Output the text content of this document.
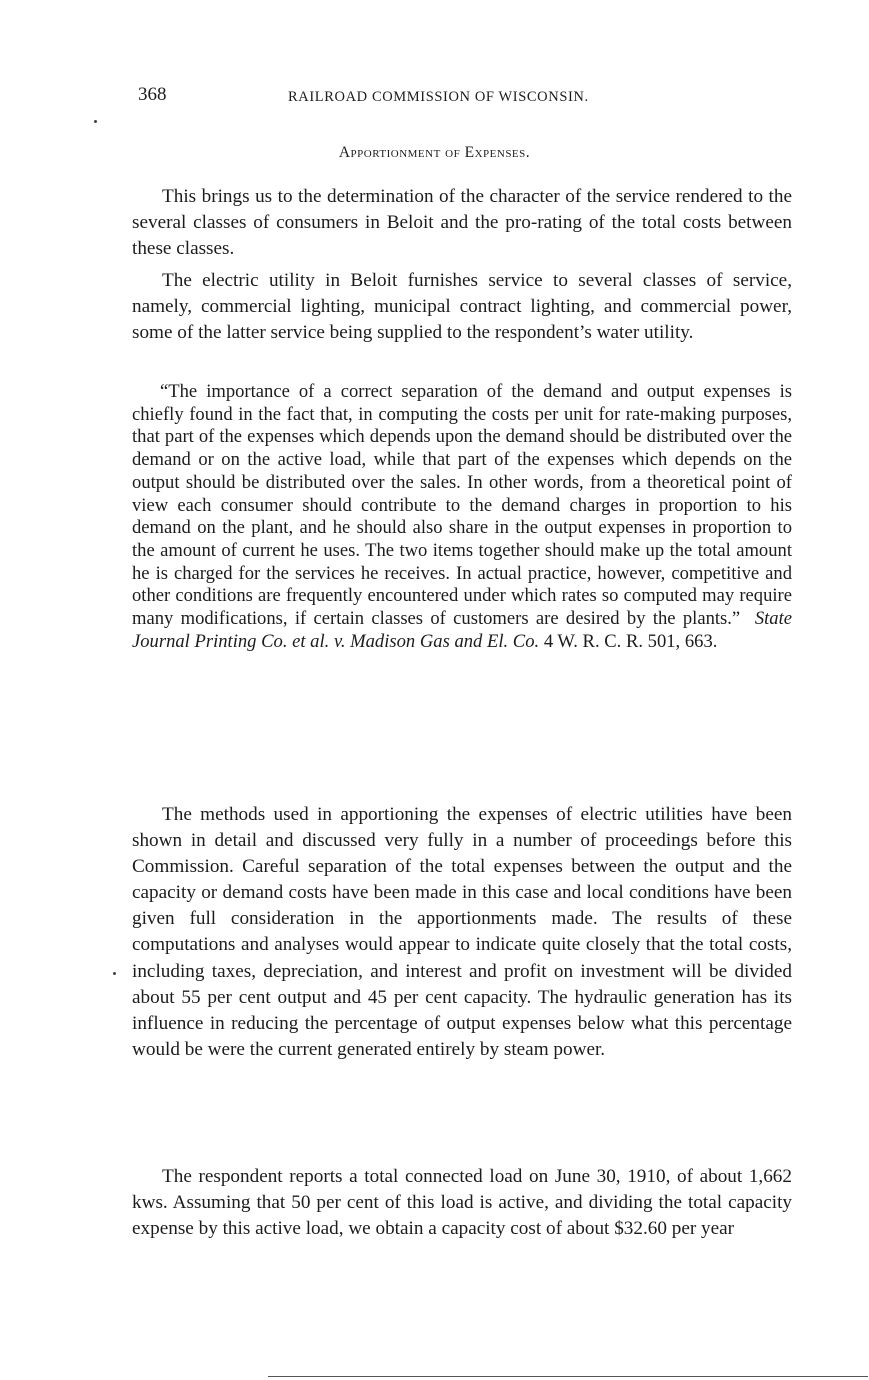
368	RAILROAD COMMISSION OF WISCONSIN.
Apportionment of Expenses.

This brings us to the determination of the character of the service rendered to the several classes of consumers in Beloit and the pro-rating of the total costs between these classes.

The electric utility in Beloit furnishes service to several classes of service, namely, commercial lighting, municipal contract lighting, and commercial power, some of the latter service being supplied to the respondent’s water utility.

“The importance of a correct separation of the demand and output expenses is chiefly found in the fact that, in computing the costs per unit for rate-making purposes, that part of the expenses which depends upon the demand should be distributed over the demand or on the active load, while that part of the expenses which depends on the output should be distributed over the sales. In other words, from a theoretical point of view each consumer should contribute to the demand charges in proportion to his demand on the plant, and he should also share in the output expenses in proportion to the amount of current he uses. The two items together should make up the total amount he is charged for the services he receives. In actual practice, however, competitive and other conditions are frequently encountered under which rates so computed may require many modifications, if certain classes of customers are desired by the plants.” State Journal Printing Co. et al. v. Madison Gas and El. Co. 4 W. R. C. R. 501, 663.

The methods used in apportioning the expenses of electric utilities have been shown in detail and discussed very fully in a number of proceedings before this Commission. Careful separation of the total expenses between the output and the capacity or demand costs have been made in this case and local conditions have been given full consideration in the apportionments made. The results of these computations and analyses would appear to indicate quite closely that the total costs, including taxes, depreciation, and interest and profit on investment will be divided about 55 per cent output and 45 per cent capacity. The hydraulic generation has its influence in reducing the percentage of output expenses below what this percentage would be were the current generated entirely by steam power.

The respondent reports a total connected load on June 30, 1910, of about 1,662 kws. Assuming that 50 per cent of this load is active, and dividing the total capacity expense by this active load, we obtain a capacity cost of about $32.60 per year
